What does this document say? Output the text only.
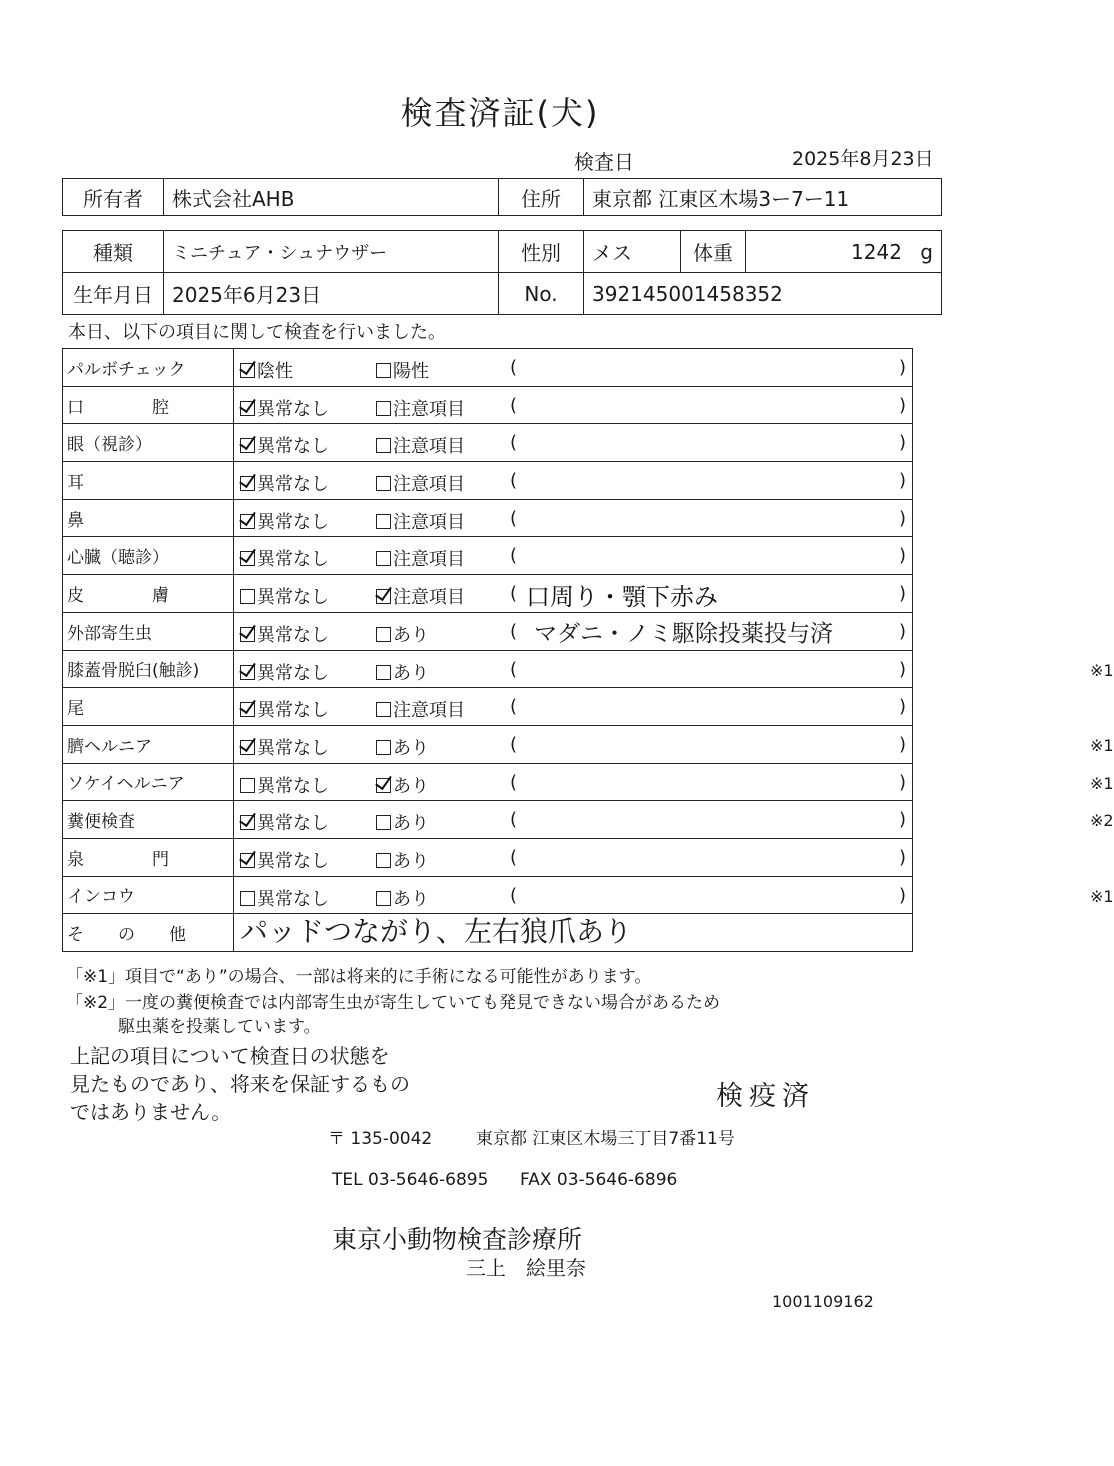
検査済証(犬)
検査日	2025年8月23日
所有者	株式会社AHB	住所	東京都 江東区木場3ー7ー11
種類	ミニチュア・シュナウザー	性別	メス	体重	1242 g
生年月日	2025年6月23日	No.	392145001458352		
本日、以下の項目に関して検査を行いました。
パルボチェック	陰性 陽性 ( )

口　　　　腔	異常なし 注意項目 ( )

眼（視診）	異常なし 注意項目 ( )

耳	異常なし 注意項目 ( )

鼻	異常なし 注意項目 ( )

心臓（聴診）	異常なし 注意項目 ( )

皮　　　　膚	異常なし 注意項目 ( 口周り・顎下赤み )

外部寄生虫	異常なし あり ( マダニ・ノミ駆除投薬投与済 )

膝蓋骨脱臼(触診)	異常なし あり ( ) ※1

尾	異常なし 注意項目 ( )

臍ヘルニア	異常なし あり ( ) ※1

ソケイヘルニア	異常なし あり ( ) ※1

糞便検査	異常なし あり ( ) ※2

泉　　　　門	異常なし あり ( )

インコウ	異常なし あり ( ) ※1

そ　　の　　他	パッドつながり、左右狼爪あり
「※1」項目で“あり”の場合、一部は将来的に手術になる可能性があります。
「※2」一度の糞便検査では内部寄生虫が寄生していても発見できない場合があるため
駆虫薬を投薬しています。
上記の項目について検査日の状態を
見たものであり、将来を保証するもの
ではありません。	検疫済
〒 135-0042	東京都 江東区木場三丁目7番11号
TEL 03-5646-6895 FAX 03-5646-6896
東京小動物検査診療所
三上　絵里奈
1001109162
